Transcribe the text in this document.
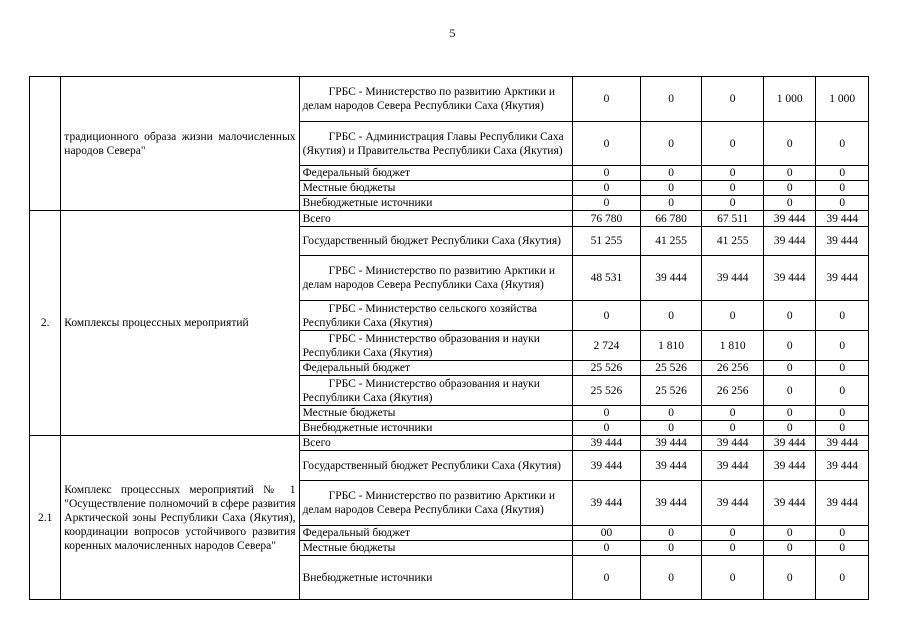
5
	традиционного образа жизни малочисленных народов Севера"	ГРБС - Министерство по развитию Арктики и делам народов Севера Республики Саха (Якутия)	0	0	0	1 000	1 000
		ГРБС - Администрация Главы Республики Саха (Якутия) и Правительства Республики Саха (Якутия)	0	0	0	0	0
		Федеральный бюджет	0	0	0	0	0
		Местные бюджеты	0	0	0	0	0
		Внебюджетные источники	0	0	0	0	0
2.	Комплексы процессных мероприятий	Всего	76 780	66 780	67 511	39 444	39 444
		Государственный бюджет Республики Саха (Якутия)	51 255	41 255	41 255	39 444	39 444
		ГРБС - Министерство по развитию Арктики и делам народов Севера Республики Саха (Якутия)	48 531	39 444	39 444	39 444	39 444
		ГРБС - Министерство сельского хозяйства Республики Саха (Якутия)	0	0	0	0	0
		ГРБС - Министерство образования и науки Республики Саха (Якутия)	2 724	1 810	1 810	0	0
		Федеральный бюджет	25 526	25 526	26 256	0	0
		ГРБС - Министерство образования и науки Республики Саха (Якутия)	25 526	25 526	26 256	0	0
		Местные бюджеты	0	0	0	0	0
		Внебюджетные источники	0	0	0	0	0
2.1	Комплекс процессных мероприятий № 1 "Осуществление полномочий в сфере развития Арктической зоны Республики Саха (Якутия), координации вопросов устойчивого развития коренных малочисленных народов Севера"	Всего	39 444	39 444	39 444	39 444	39 444
		Государственный бюджет Республики Саха (Якутия)	39 444	39 444	39 444	39 444	39 444
		ГРБС - Министерство по развитию Арктики и делам народов Севера Республики Саха (Якутия)	39 444	39 444	39 444	39 444	39 444
		Федеральный бюджет	00	0	0	0	0
		Местные бюджеты	0	0	0	0	0
		Внебюджетные источники	0	0	0	0	0
